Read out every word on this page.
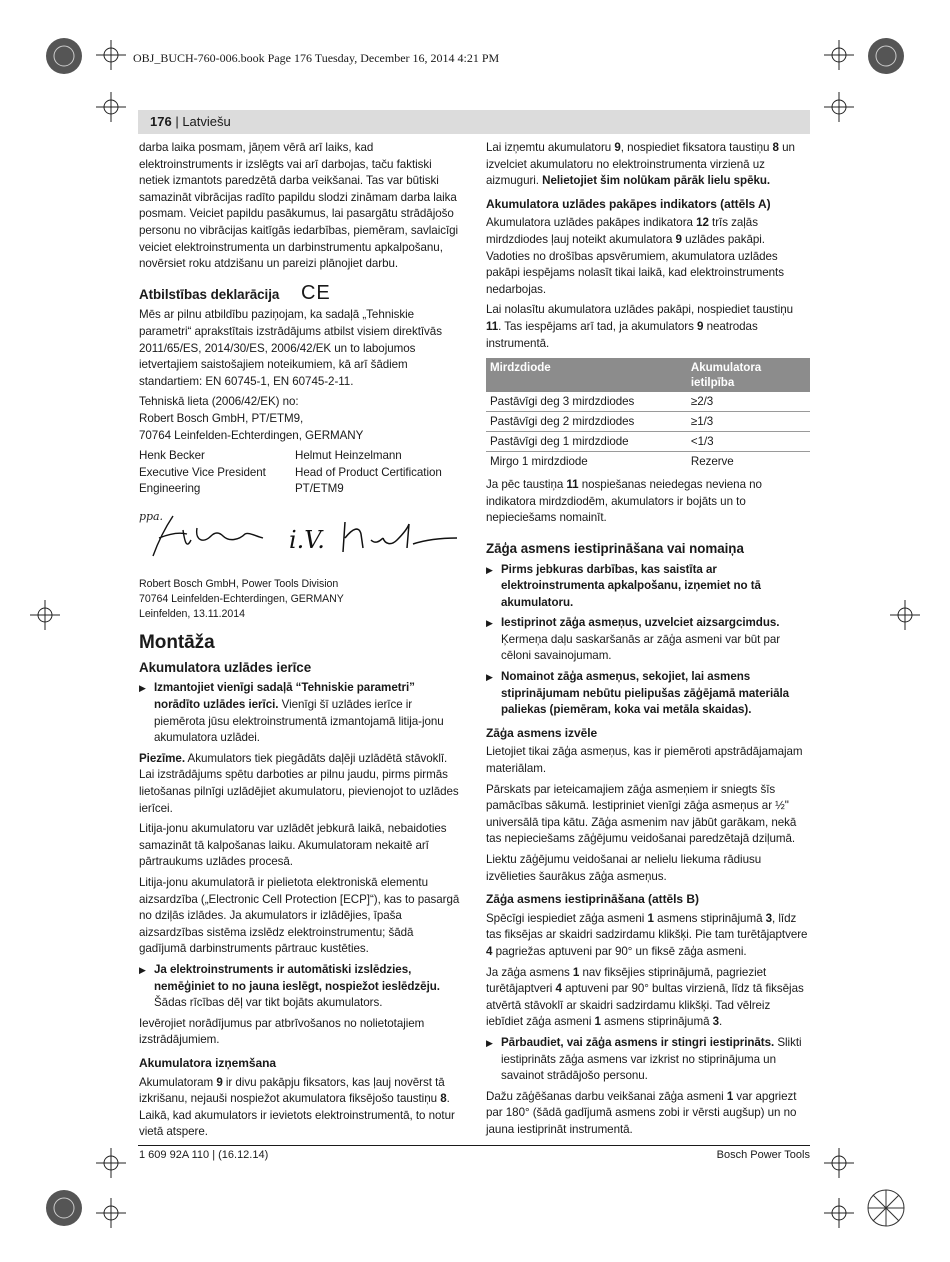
OBJ_BUCH-760-006.book Page 176 Tuesday, December 16, 2014 4:21 PM
176 | Latviešu

darba laika posmam, jāņem vērā arī laiks, kad elektroinstruments ir izslēgts vai arī darbojas, taču faktiski netiek izmantots paredzētā darba veikšanai. Tas var būtiski samazināt vibrācijas radīto papildu slodzi zināmam darba laika posmam. Veiciet papildu pasākumus, lai pasargātu strādājošo personu no vibrācijas kaitīgās iedarbības, piemēram, savlaicīgi veiciet elektroinstrumenta un darbinstrumentu apkalpošanu, novērsiet roku atdzišanu un pareizi plānojiet darbu.

Atbilstības deklarācija CE

Mēs ar pilnu atbildību paziņojam, ka sadaļā „Tehniskie parametri“ aprakstītais izstrādājums atbilst visiem direktīvās 2011/65/ES, 2014/30/ES, 2006/42/EK un to labojumos ietvertajiem saistošajiem noteikumiem, kā arī šādiem standartiem: EN 60745-1, EN 60745-2-11.

Tehniskā lieta (2006/42/EK) no:
Robert Bosch GmbH, PT/ETM9,
70764 Leinfelden-Echterdingen, GERMANY

Henk Becker
Executive Vice President
Engineering
Helmut Heinzelmann
Head of Product Certification
PT/ETM9
ppa.
i.V.

Robert Bosch GmbH, Power Tools Division
70764 Leinfelden-Echterdingen, GERMANY
Leinfelden, 13.11.2014

Montāža
Akumulatora uzlādes ierīce

▶ Izmantojiet vienīgi sadaļā “Tehniskie parametri” norādīto uzlādes ierīci. Vienīgi šī uzlādes ierīce ir piemērota jūsu elektroinstrumentā izmantojamā litija-jonu akumulatora uzlādei.

Piezīme. Akumulators tiek piegādāts daļēji uzlādētā stāvoklī. Lai izstrādājums spētu darboties ar pilnu jaudu, pirms pirmās lietošanas pilnīgi uzlādējiet akumulatoru, pievienojot to uzlādes ierīcei.

Litija-jonu akumulatoru var uzlādēt jebkurā laikā, nebaidoties samazināt tā kalpošanas laiku. Akumulatoram nekaitē arī pārtraukums uzlādes procesā.

Litija-jonu akumulatorā ir pielietota elektroniskā elementu aizsardzība („Electronic Cell Protection [ECP]“), kas to pasargā no dziļās izlādes. Ja akumulators ir izlādējies, īpaša aizsardzības sistēma izslēdz elektroinstrumentu; šādā gadījumā darbinstruments pārtrauc kustēties.

▶ Ja elektroinstruments ir automātiski izslēdzies, nemēģiniet to no jauna ieslēgt, nospiežot ieslēdzēju. Šādas rīcības dēļ var tikt bojāts akumulators.

Ievērojiet norādījumus par atbrīvošanos no nolietotajiem izstrādājumiem.

Akumulatora izņemšana

Akumulatoram 9 ir divu pakāpju fiksators, kas ļauj novērst tā izkrišanu, nejauši nospiežot akumulatora fiksējošo taustiņu 8. Laikā, kad akumulators ir ievietots elektroinstrumentā, to notur vietā atspere.

Lai izņemtu akumulatoru 9, nospiediet fiksatora taustiņu 8 un izvelciet akumulatoru no elektroinstrumenta virzienā uz aizmuguri. Nelietojiet šim nolūkam pārāk lielu spēku.

Akumulatora uzlādes pakāpes indikators (attēls A)

Akumulatora uzlādes pakāpes indikatora 12 trīs zaļās mirdzdiodes ļauj noteikt akumulatora 9 uzlādes pakāpi. Vadoties no drošības apsvērumiem, akumulatora uzlādes pakāpi iespējams nolasīt tikai laikā, kad elektroinstruments nedarbojas.

Lai nolasītu akumulatora uzlādes pakāpi, nospiediet taustiņu 11. Tas iespējams arī tad, ja akumulators 9 neatrodas instrumentā.

Mirdzdiode	Akumulatora ietilpība
Pastāvīgi deg 3 mirdzdiodes	≥2/3
Pastāvīgi deg 2 mirdzdiodes	≥1/3
Pastāvīgi deg 1 mirdzdiode	<1/3
Mirgo 1 mirdzdiode	Rezerve

Ja pēc taustiņa 11 nospiešanas neiedegas neviena no indikatora mirdzdiodēm, akumulators ir bojāts un to nepieciešams nomainīt.

Zāģa asmens iestiprināšana vai nomaiņa

▶ Pirms jebkuras darbības, kas saistīta ar elektroinstrumenta apkalpošanu, izņemiet no tā akumulatoru.

▶ Iestiprinot zāģa asmeņus, uzvelciet aizsargcimdus. Ķermeņa daļu saskaršanās ar zāģa asmeni var būt par cēloni savainojumam.

▶ Nomainot zāģa asmeņus, sekojiet, lai asmens stiprinājumam nebūtu pielipušas zāģējamā materiāla paliekas (piemēram, koka vai metāla skaidas).

Zāģa asmens izvēle

Lietojiet tikai zāģa asmeņus, kas ir piemēroti apstrādājamajam materiālam.

Pārskats par ieteicamajiem zāģa asmeņiem ir sniegts šīs pamācības sākumā. Iestipriniet vienīgi zāģa asmeņus ar ½" universālā tipa kātu. Zāģa asmenim nav jābūt garākam, nekā tas nepieciešams zāģējumu veidošanai paredzētajā dziļumā.

Liektu zāģējumu veidošanai ar nelielu liekuma rādiusu izvēlieties šaurākus zāģa asmeņus.

Zāģa asmens iestiprināšana (attēls B)

Spēcīgi iespiediet zāģa asmeni 1 asmens stiprinājumā 3, līdz tas fiksējas ar skaidri sadzirdamu klikšķi. Pie tam turētājaptvere 4 pagriežas aptuveni par 90° un fiksē zāģa asmeni.

Ja zāģa asmens 1 nav fiksējies stiprinājumā, pagrieziet turētājaptveri 4 aptuveni par 90° bultas virzienā, līdz tā fiksējas atvērtā stāvoklī ar skaidri sadzirdamu klikšķi. Tad vēlreiz iebīdiet zāģa asmeni 1 asmens stiprinājumā 3.

▶ Pārbaudiet, vai zāģa asmens ir stingri iestiprināts. Slikti iestiprināts zāģa asmens var izkrist no stiprinājuma un savainot strādājošo personu.

Dažu zāģēšanas darbu veikšanai zāģa asmeni 1 var apgriezt par 180° (šādā gadījumā asmens zobi ir vērsti augšup) un no jauna iestiprināt instrumentā.

1 609 92A 110 | (16.12.14)	Bosch Power Tools
